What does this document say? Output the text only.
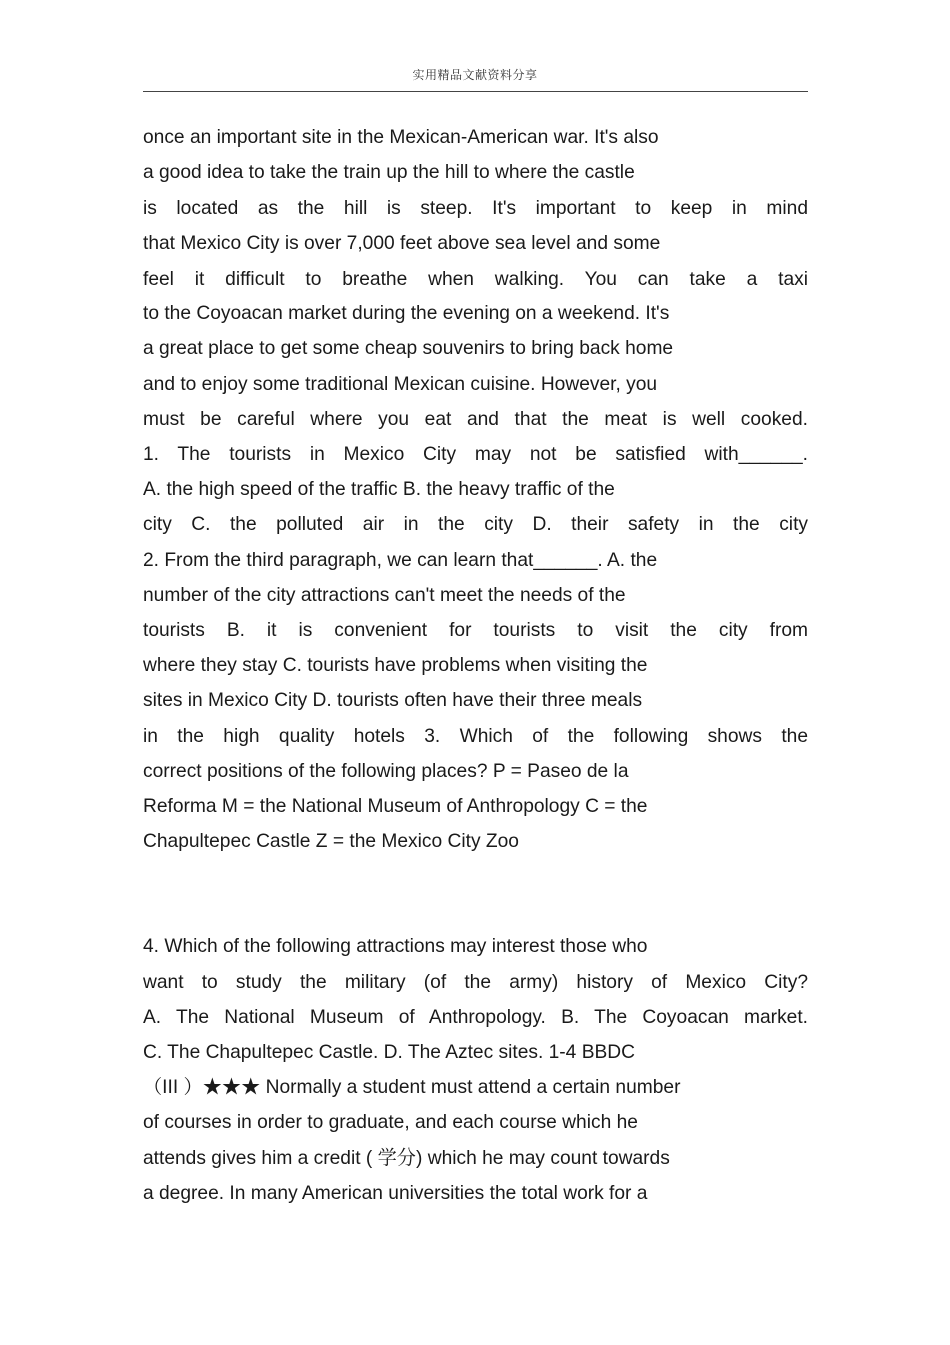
实用精品文献资料分享
once an important site in the Mexican-American war. It's also
a good idea to take the train up the hill to where the castle
is located as the hill is steep. It's important to keep in mind
that Mexico City is over 7,000 feet above sea level and some
feel it difficult to breathe when walking. You can take a taxi
to the Coyoacan market during the evening on a weekend. It's
a great place to get some cheap souvenirs to bring back home
and to enjoy some traditional Mexican cuisine. However, you
must be careful where you eat and that the meat is well cooked.
1. The tourists in Mexico City may not be satisfied with______.
A. the high speed of the traffic B. the heavy traffic of the
city C. the polluted air in the city D. their safety in the city
2. From the third paragraph, we can learn that______. A. the
number of the city attractions can't meet the needs of the
tourists B. it is convenient for tourists to visit the city from
where they stay C. tourists have problems when visiting the
sites in Mexico City D. tourists often have their three meals
in the high quality hotels 3. Which of the following shows the
correct positions of the following places? P = Paseo de la
Reforma M = the National Museum of Anthropology C = the
Chapultepec Castle Z = the Mexico City Zoo
4. Which of the following attractions may interest those who
want to study the military (of the army) history of Mexico City?
A. The National Museum of Anthropology. B. The Coyoacan market.
C. The Chapultepec Castle. D. The Aztec sites. 1-4 BBDC
（III ）★★★ Normally a student must attend a certain number
of courses in order to graduate, and each course which he
attends gives him a credit ( 学分) which he may count towards
a degree. In many American universities the total work for a
